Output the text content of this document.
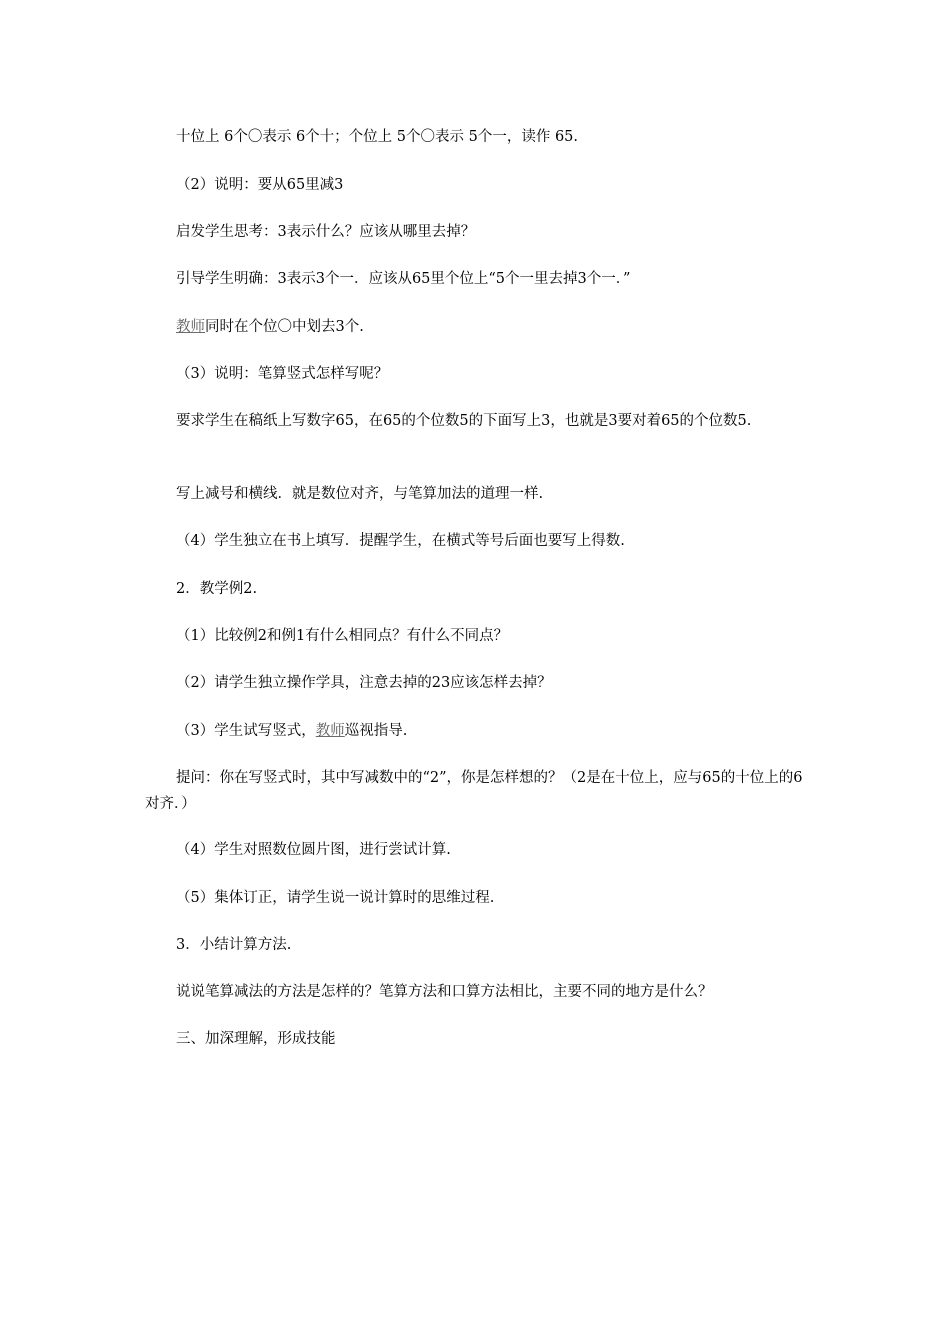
十位上 6个〇表示 6个十；个位上 5个〇表示 5个一，读作 65.

（2）说明：要从65里减3

启发学生思考：3表示什么？应该从哪里去掉？

引导学生明确：3表示3个一．应该从65里个位上“5个一里去掉3个一．”

教师同时在个位〇中划去3个.

（3）说明：笔算竖式怎样写呢？

要求学生在稿纸上写数字65，在65的个位数5的下面写上3，也就是3要对着65的个位数5.

写上减号和横线．就是数位对齐，与笔算加法的道理一样.

（4）学生独立在书上填写．提醒学生，在横式等号后面也要写上得数.

2．教学例2.

（1）比较例2和例1有什么相同点？有什么不同点？

（2）请学生独立操作学具，注意去掉的23应该怎样去掉？

（3）学生试写竖式，教师巡视指导.

提问：你在写竖式时，其中写减数中的“2”，你是怎样想的？（2是在十位上，应与65的十位上的6对齐．）

（4）学生对照数位圆片图，进行尝试计算.

（5）集体订正，请学生说一说计算时的思维过程.

3．小结计算方法.

说说笔算减法的方法是怎样的？笔算方法和口算方法相比，主要不同的地方是什么？

三、加深理解，形成技能
